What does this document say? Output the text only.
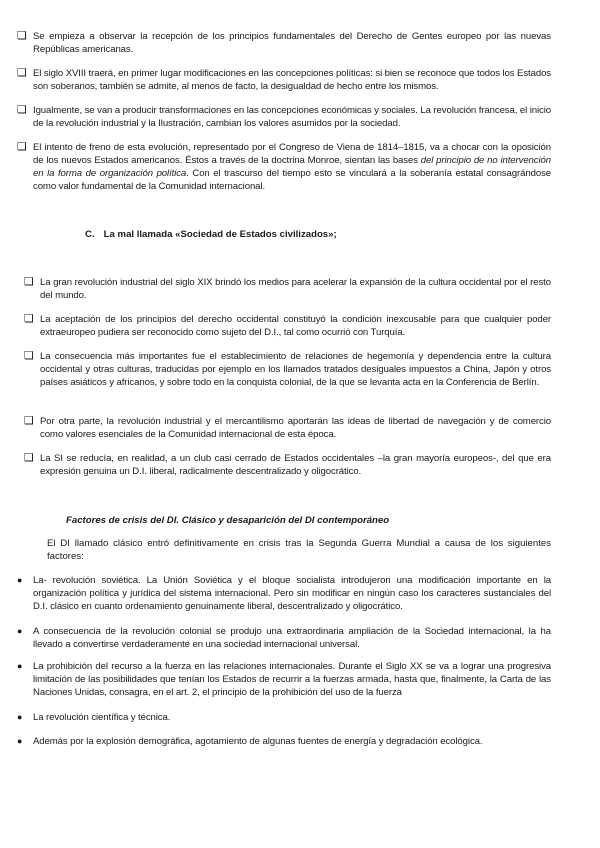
❏ Se empieza a observar la recepción de los principios fundamentales del Derecho de Gentes europeo por las nuevas Repúblicas americanas.
❏ El siglo XVIII traerá, en primer lugar modificaciones en las concepciones políticas: si bien se reconoce que todos los Estados son soberanos, también se admite, al menos de facto, la desigualdad de hecho entre los mismos.
❏ Igualmente, se van a producir transformaciones en las concepciones económicas y sociales. La revolución francesa, el inicio de la revolución industrial y la Ilustración, cambian los valores asumidos por la sociedad.
❏ El intento de freno de esta evolución, representado por el Congreso de Viena de 1814–1815, va a chocar con la oposición de los nuevos Estados americanos. Éstos a través de la doctrina Monroe, sientan las bases del principio de no intervención en la forma de organización política. Con el trascurso del tiempo esto se vinculará a la soberanía estatal consagrándose como valor fundamental de la Comunidad internacional.
C. La mal llamada «Sociedad de Estados civilizados»;
❏ La gran revolución industrial del siglo XIX brindó los medios para acelerar la expansión de la cultura occidental por el resto del mundo.
❏ La aceptación de los principios del derecho occidental constituyó la condición inexcusable para que cualquier poder extraeuropeo pudiera ser reconocido como sujeto del D.I., tal como ocurrió con Turquía.
❏ La consecuencia más importantes fue el establecimiento de relaciones de hegemonía y dependencia entre la cultura occidental y otras culturas, traducidas por ejemplo en los llamados tratados desiguales impuestos a China, Japón y otros países asiáticos y africanos, y sobre todo en la conquista colonial, de la que se levanta acta en la Conferencia de Berlín.
❏ Por otra parte, la revolución industrial y el mercantilismo aportarán las ideas de libertad de navegación y de comercio como valores esenciales de la Comunidad internacional de esta época.
❏ La SI se reducía, en realidad, a un club casi cerrado de Estados occidentales –la gran mayoría europeos-, del que era expresión genuina un D.I. liberal, radicalmente descentralizado y oligocrático.
Factores de crisis del DI. Clásico y desaparición del DI contemporáneo
El DI llamado clásico entró definitivamente en crisis tras la Segunda Guerra Mundial a causa de los siguientes factores:
● La- revolución soviética. La Unión Soviética y el bloque socialista introdujeron una modificación importante en la organización política y jurídica del sistema internacional. Pero sin modificar en ningún caso los caracteres sustanciales del D.I. clásico en cuanto ordenamiento genuinamente liberal, descentralizado y oligocrático.
● A consecuencia de la revolución colonial se produjo una extraordinaria ampliación de la Sociedad internacional, la ha llevado a convertirse verdaderamente en una sociedad internacional universal.
● La prohibición del recurso a la fuerza en las relaciones internacionales. Durante el Siglo XX se va a lograr una progresiva limitación de las posibilidades que tenían los Estados de recurrir a la fuerzas armada, hasta que, finalmente, la Carta de las Naciones Unidas, consagra, en el art. 2, el principio de la prohibición del uso de la fuerza
● La revolución científica y técnica.
● Además por la explosión demográfica, agotamiento de algunas fuentes de energía y degradación ecológica.
